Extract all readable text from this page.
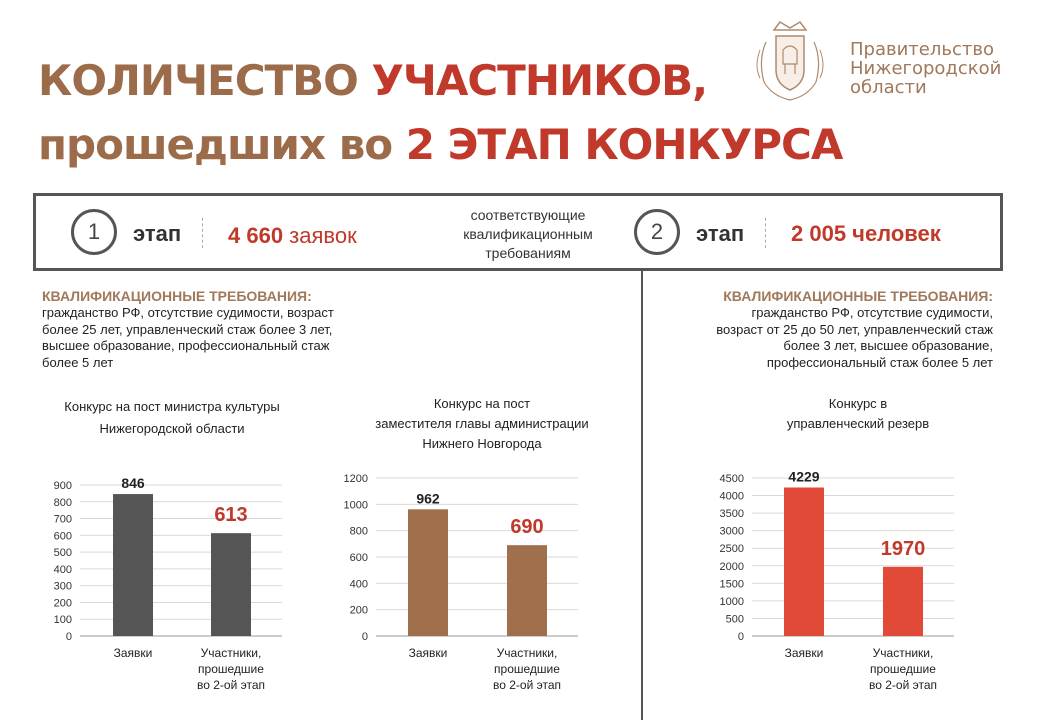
КОЛИЧЕСТВО УЧАСТНИКОВ,
прошедших во 2 ЭТАП КОНКУРСА
Правительство
Нижегородской
области
1	этап 4 660 заявок
соответствующие квалификационным требованиям
2	этап 2 005 человек
КВАЛИФИКАЦИОННЫЕ ТРЕБОВАНИЯ:
гражданство РФ, отсутствие судимости, возраст
более 25 лет, управленческий стаж более 3 лет,
высшее образование, профессиональный стаж
более 5 лет
КВАЛИФИКАЦИОННЫЕ ТРЕБОВАНИЯ:
гражданство РФ, отсутствие судимости,
возраст от 25 до 50 лет, управленческий стаж
более 3 лет, высшее образование,
профессиональный стаж более 5 лет
Конкурс на пост министра культуры
Нижегородской области
Конкурс на пост
заместителя главы администрации
Нижнего Новгорода
Конкурс в
управленческий резерв
0
100
200
300
400
500
600
700
800
900	846
Заявки
613
Участники,
прошедшие
во 2-ой этап
0
200
400
600
800
1000
1200
962
Заявки
690
Участники,
прошедшие
во 2-ой этап
0
500
1000
1500
2000
2500
3000
3500
4000
4500	4229
Заявки
1970
Участники,
прошедшие
во 2-ой этап
